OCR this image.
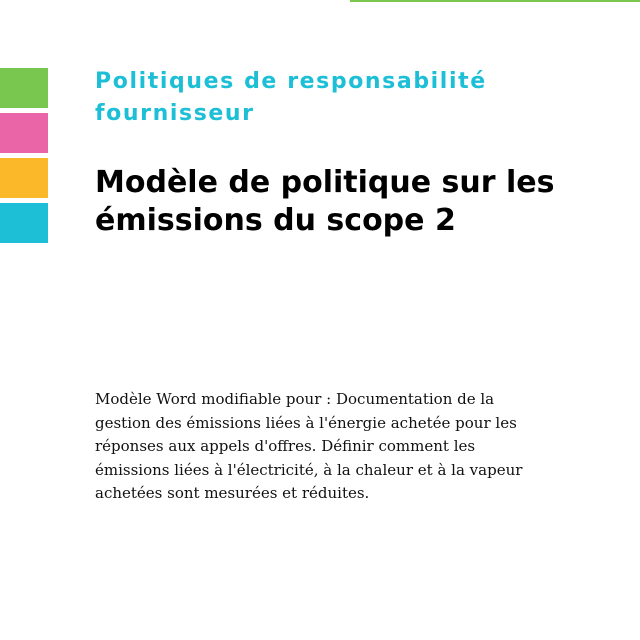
Politiques de responsabilité fournisseur
Modèle de politique sur les émissions du scope 2
Modèle Word modifiable pour : Documentation de la gestion des émissions liées à l'énergie achetée pour les réponses aux appels d'offres. Définir comment les émissions liées à l'électricité, à la chaleur et à la vapeur achetées sont mesurées et réduites.
